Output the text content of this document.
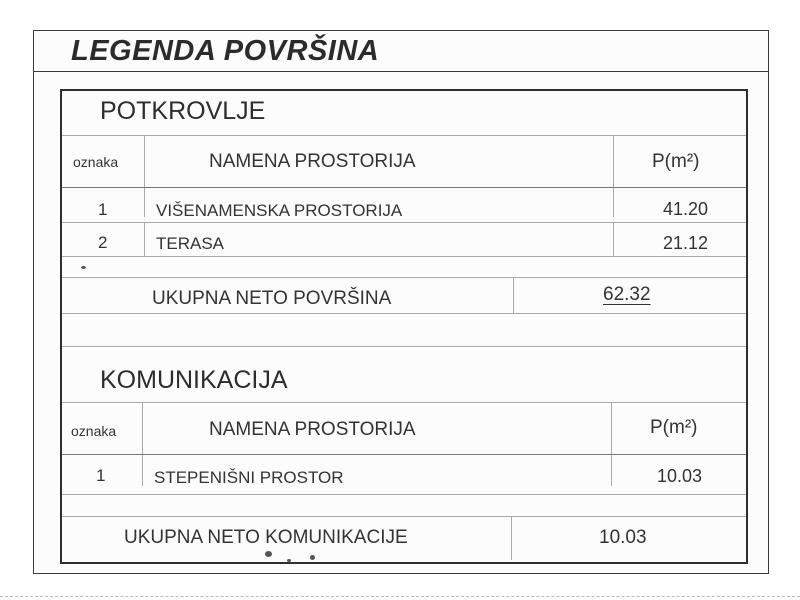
LEGENDA POVRŠINA
POTKROVLJE
oznaka	NAMENA PROSTORIJA	P(m²)
1	VIŠENAMENSKA PROSTORIJA	41.20
2	TERASA	21.12
UKUPNA NETO POVRŠINA	62.32
KOMUNIKACIJA
oznaka	NAMENA PROSTORIJA	P(m²)
1	STEPENIŠNI PROSTOR	10.03
UKUPNA NETO KOMUNIKACIJE	10.03
